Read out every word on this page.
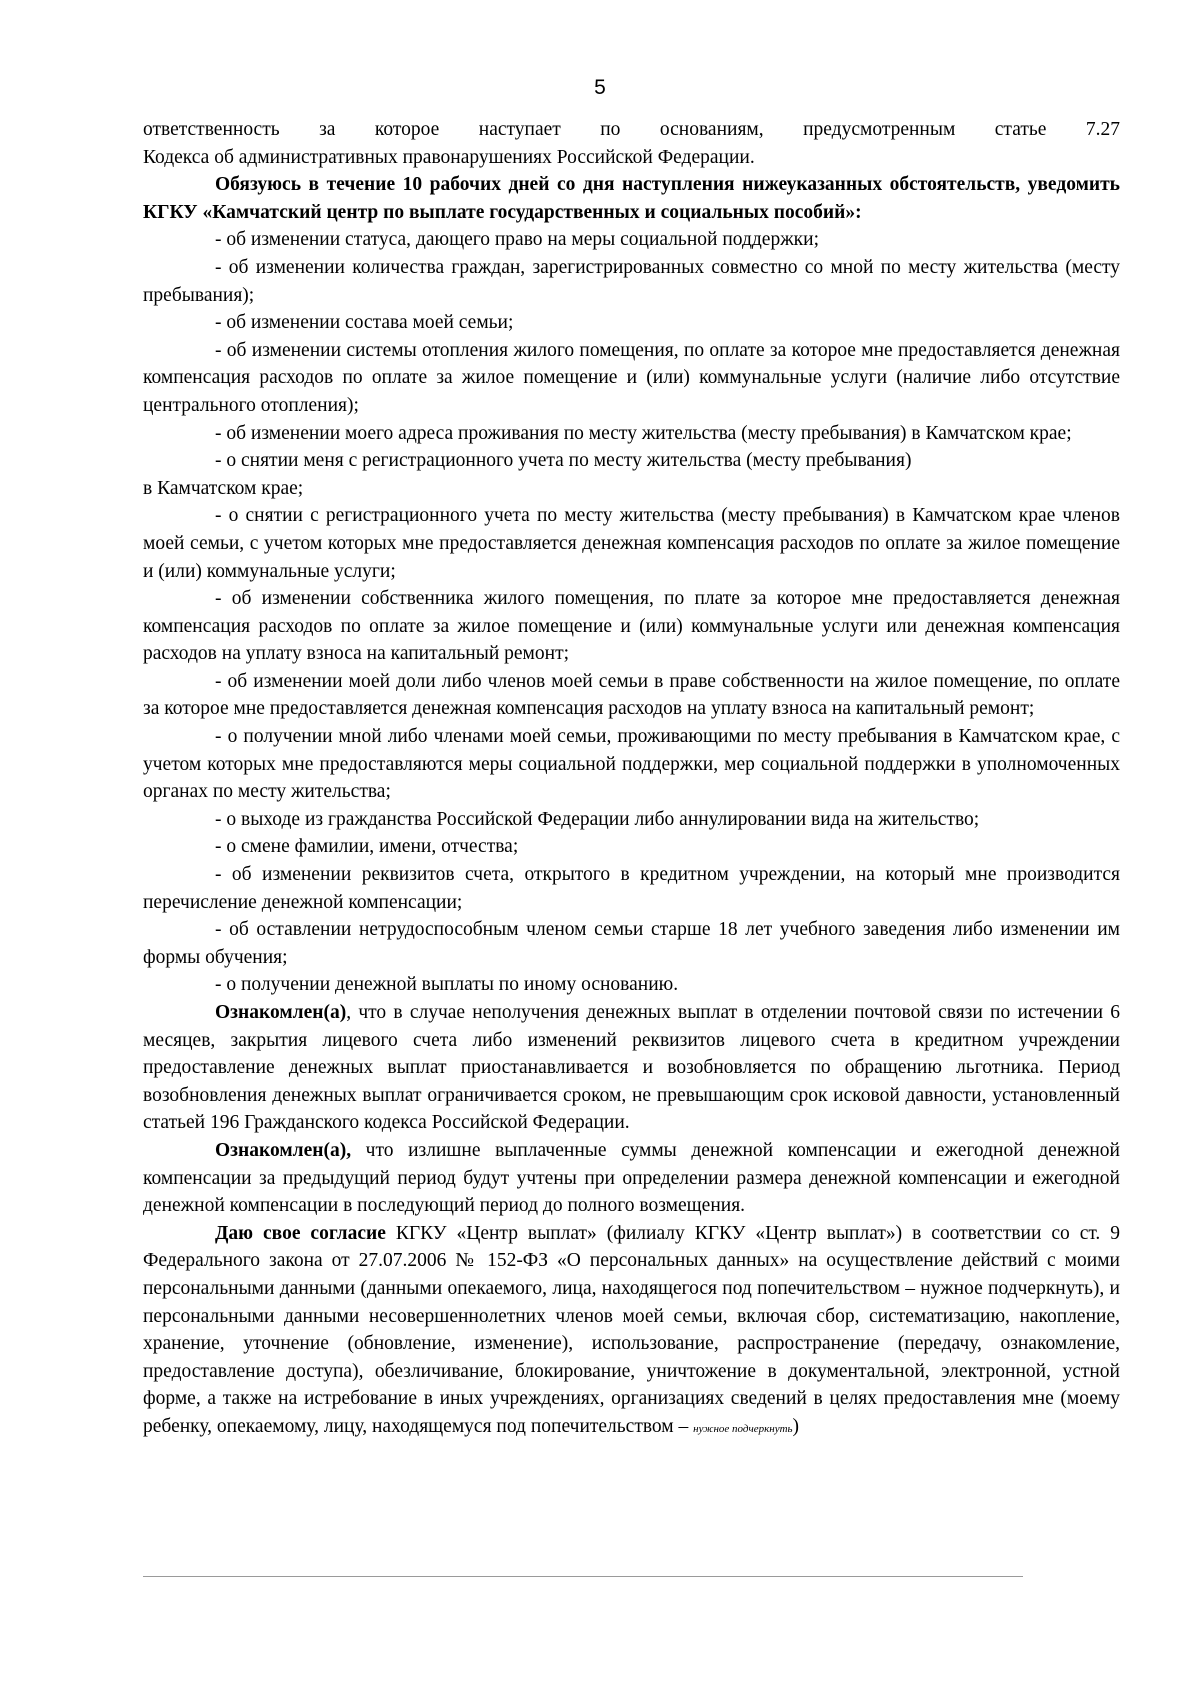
5

ответственность за которое наступает по основаниям, предусмотренным статье 7.27

Кодекса об административных правонарушениях Российской Федерации.

Обязуюсь в течение 10 рабочих дней со дня наступления нижеуказанных обстоятельств, уведомить КГКУ «Камчатский центр по выплате государственных и социальных пособий»:

- об изменении статуса, дающего право на меры социальной поддержки;

- об изменении количества граждан, зарегистрированных совместно со мной по месту жительства (месту пребывания);

- об изменении состава моей семьи;

- об изменении системы отопления жилого помещения, по оплате за которое мне предоставляется денежная компенсация расходов по оплате за жилое помещение и (или) коммунальные услуги (наличие либо отсутствие центрального отопления);

- об изменении моего адреса проживания по месту жительства (месту пребывания) в Камчатском крае;

- о снятии меня с регистрационного учета по месту жительства (месту пребывания)

в Камчатском крае;

- о снятии с регистрационного учета по месту жительства (месту пребывания) в Камчатском крае членов моей семьи, с учетом которых мне предоставляется денежная компенсация расходов по оплате за жилое помещение и (или) коммунальные услуги;

- об изменении собственника жилого помещения, по плате за которое мне предоставляется денежная компенсация расходов по оплате за жилое помещение и (или) коммунальные услуги или денежная компенсация расходов на уплату взноса на капитальный ремонт;

- об изменении моей доли либо членов моей семьи в праве собственности на жилое помещение, по оплате за которое мне предоставляется денежная компенсация расходов на уплату взноса на капитальный ремонт;

- о получении мной либо членами моей семьи, проживающими по месту пребывания в Камчатском крае, с учетом которых мне предоставляются меры социальной поддержки, мер социальной поддержки в уполномоченных органах по месту жительства;

- о выходе из гражданства Российской Федерации либо аннулировании вида на жительство;

- о смене фамилии, имени, отчества;

- об изменении реквизитов счета, открытого в кредитном учреждении, на который мне производится перечисление денежной компенсации;

- об оставлении нетрудоспособным членом семьи старше 18 лет учебного заведения либо изменении им формы обучения;

- о получении денежной выплаты по иному основанию.

Ознакомлен(а), что в случае неполучения денежных выплат в отделении почтовой связи по истечении 6 месяцев, закрытия лицевого счета либо изменений реквизитов лицевого счета в кредитном учреждении предоставление денежных выплат приостанавливается и возобновляется по обращению льготника. Период возобновления денежных выплат ограничивается сроком, не превышающим срок исковой давности, установленный статьей 196 Гражданского кодекса Российской Федерации.

Ознакомлен(а), что излишне выплаченные суммы денежной компенсации и ежегодной денежной компенсации за предыдущий период будут учтены при определении размера денежной компенсации и ежегодной денежной компенсации в последующий период до полного возмещения.

Даю свое согласие КГКУ «Центр выплат» (филиалу КГКУ «Центр выплат») в соответствии со ст. 9 Федерального закона от 27.07.2006 № 152-ФЗ «О персональных данных» на осуществление действий с моими персональными данными (данными опекаемого, лица, находящегося под попечительством – нужное подчеркнуть), и персональными данными несовершеннолетних членов моей семьи, включая сбор, систематизацию, накопление, хранение, уточнение (обновление, изменение), использование, распространение (передачу, ознакомление, предоставление доступа), обезличивание, блокирование, уничтожение в документальной, электронной, устной форме, а также на истребование в иных учреждениях, организациях сведений в целях предоставления мне (моему ребенку, опекаемому, лицу, находящемуся под попечительством – нужное подчеркнуть)
